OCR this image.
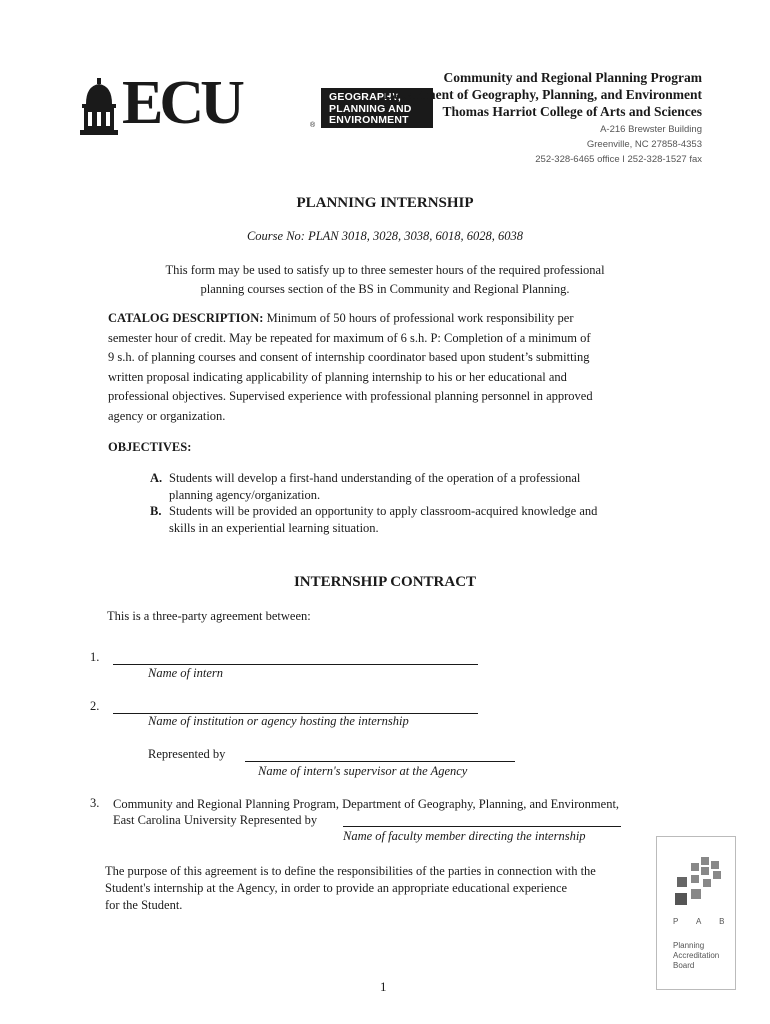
ECU	®
GEOGRAPHY,
PLANNING AND
ENVIRONMENT
Community and Regional Planning Program
Department of Geography, Planning, and Environment
Thomas Harriot College of Arts and Sciences
A-216 Brewster Building
Greenville, NC 27858-4353
252-328-6465 office I 252-328-1527 fax
PLANNING INTERNSHIP
Course No: PLAN 3018, 3028, 3038, 6018, 6028, 6038
This form may be used to satisfy up to three semester hours of the required professional
planning courses section of the BS in Community and Regional Planning.
CATALOG DESCRIPTION: Minimum of 50 hours of professional work responsibility per
semester hour of credit. May be repeated for maximum of 6 s.h. P: Completion of a minimum of
9 s.h. of planning courses and consent of internship coordinator based upon student’s submitting
written proposal indicating applicability of planning internship to his or her educational and
professional objectives. Supervised experience with professional planning personnel in approved
agency or organization.
OBJECTIVES:
A. Students will develop a first-hand understanding of the operation of a professional
planning agency/organization.
B. Students will be provided an opportunity to apply classroom-acquired knowledge and
skills in an experiential learning situation.
INTERNSHIP CONTRACT
This is a three-party agreement between:
1.
Name of intern
2.
Name of institution or agency hosting the internship
Represented by
Name of intern's supervisor at the Agency
3. Community and Regional Planning Program, Department of Geography, Planning, and Environment,
East Carolina University Represented by
Name of faculty member directing the internship
The purpose of this agreement is to define the responsibilities of the parties in connection with the
Student's internship at the Agency, in order to provide an appropriate educational experience
for the Student.
1
P A B
Planning
Accreditation
Board
